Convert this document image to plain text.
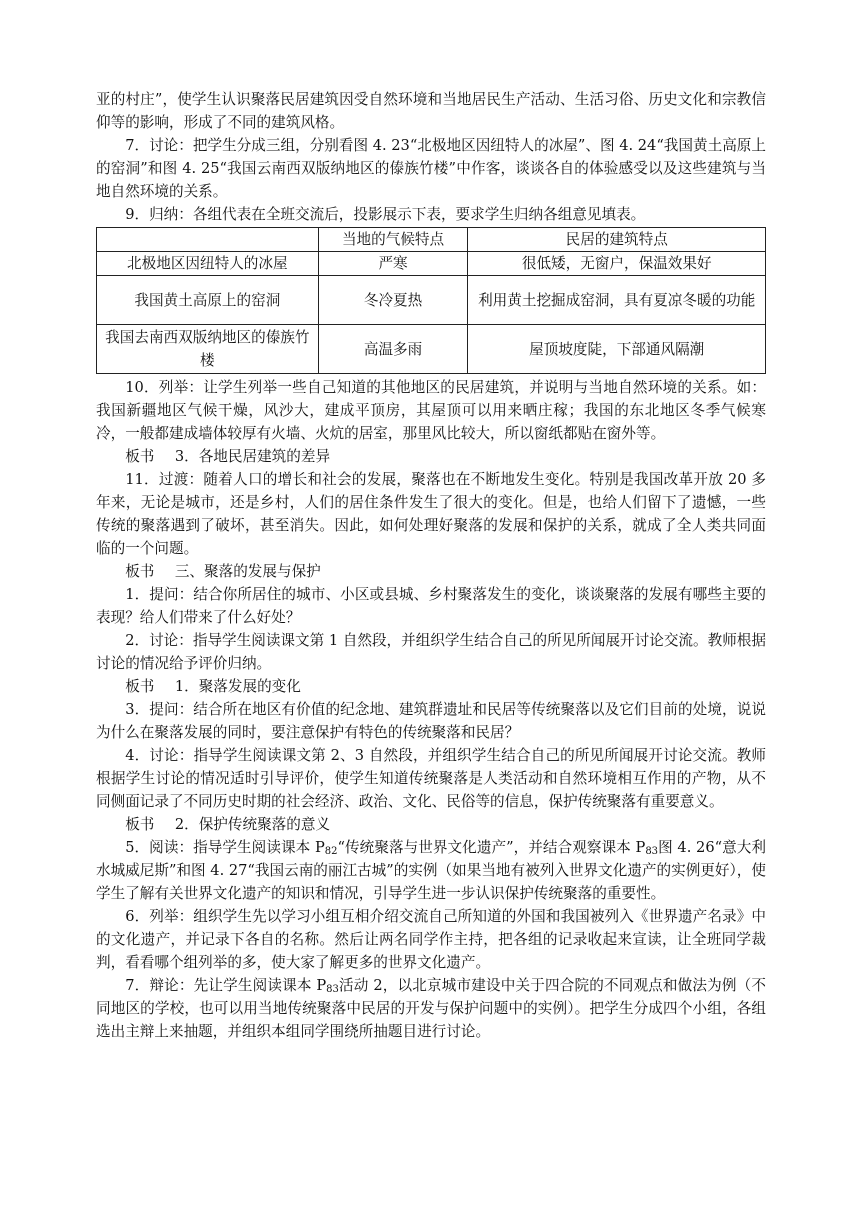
亚的村庄”，使学生认识聚落民居建筑因受自然环境和当地居民生产活动、生活习俗、历史文化和宗教信仰等的影响，形成了不同的建筑风格。

7．讨论：把学生分成三组，分别看图 4. 23“北极地区因纽特人的冰屋”、图 4. 24“我国黄土高原上的窑洞”和图 4. 25“我国云南西双版纳地区的傣族竹楼”中作客，谈谈各自的体验感受以及这些建筑与当地自然环境的关系。

9．归纳：各组代表在全班交流后，投影展示下表，要求学生归纳各组意见填表。

	当地的气候特点	民居的建筑特点
北极地区因纽特人的冰屋	严寒	很低矮，无窗户，保温效果好
我国黄土高原上的窑洞	冬冷夏热	利用黄土挖掘成窑洞，具有夏凉冬暖的功能
我国去南西双版纳地区的傣族竹楼	高温多雨	屋顶坡度陡，下部通风隔潮

10．列举：让学生列举一些自己知道的其他地区的民居建筑，并说明与当地自然环境的关系。如：我国新疆地区气候干燥，风沙大，建成平顶房，其屋顶可以用来晒庄稼；我国的东北地区冬季气候寒冷，一般都建成墙体较厚有火墙、火炕的居室，那里风比较大，所以窗纸都贴在窗外等。

板书 3．各地民居建筑的差异

11．过渡：随着人口的增长和社会的发展，聚落也在不断地发生变化。特别是我国改革开放 20 多年来，无论是城市，还是乡村，人们的居住条件发生了很大的变化。但是，也给人们留下了遗憾，一些传统的聚落遇到了破坏，甚至消失。因此，如何处理好聚落的发展和保护的关系，就成了全人类共同面临的一个问题。

板书 三、聚落的发展与保护

1．提问：结合你所居住的城市、小区或县城、乡村聚落发生的变化，谈谈聚落的发展有哪些主要的表现？给人们带来了什么好处？

2．讨论：指导学生阅读课文第 1 自然段，并组织学生结合自己的所见所闻展开讨论交流。教师根据讨论的情况给予评价归纳。

板书 1．聚落发展的变化

3．提问：结合所在地区有价值的纪念地、建筑群遗址和民居等传统聚落以及它们目前的处境，说说为什么在聚落发展的同时，要注意保护有特色的传统聚落和民居？

4．讨论：指导学生阅读课文第 2、3 自然段，并组织学生结合自己的所见所闻展开讨论交流。教师根据学生讨论的情况适时引导评价，使学生知道传统聚落是人类活动和自然环境相互作用的产物，从不同侧面记录了不同历史时期的社会经济、政治、文化、民俗等的信息，保护传统聚落有重要意义。

板书 2．保护传统聚落的意义

5．阅读：指导学生阅读课本 $P_{82}“$传统聚落与世界文化遗产”，并结合观察课本 $P_{83}$图 4. 26“意大利水城威尼斯”和图 4. 27“我国云南的丽江古城”的实例（如果当地有被列入世界文化遗产的实例更好），使学生了解有关世界文化遗产的知识和情况，引导学生进一步认识保护传统聚落的重要性。

6．列举：组织学生先以学习小组互相介绍交流自己所知道的外国和我国被列入《世界遗产名录》中的文化遗产，并记录下各自的名称。然后让两名同学作主持，把各组的记录收起来宣读，让全班同学裁判，看看哪个组列举的多，使大家了解更多的世界文化遗产。

7．辩论：先让学生阅读课本 $P_{83}$活动 2，以北京城市建设中关于四合院的不同观点和做法为例（不同地区的学校，也可以用当地传统聚落中民居的开发与保护问题中的实例）。把学生分成四个小组，各组选出主辩上来抽题，并组织本组同学围绕所抽题目进行讨论。
